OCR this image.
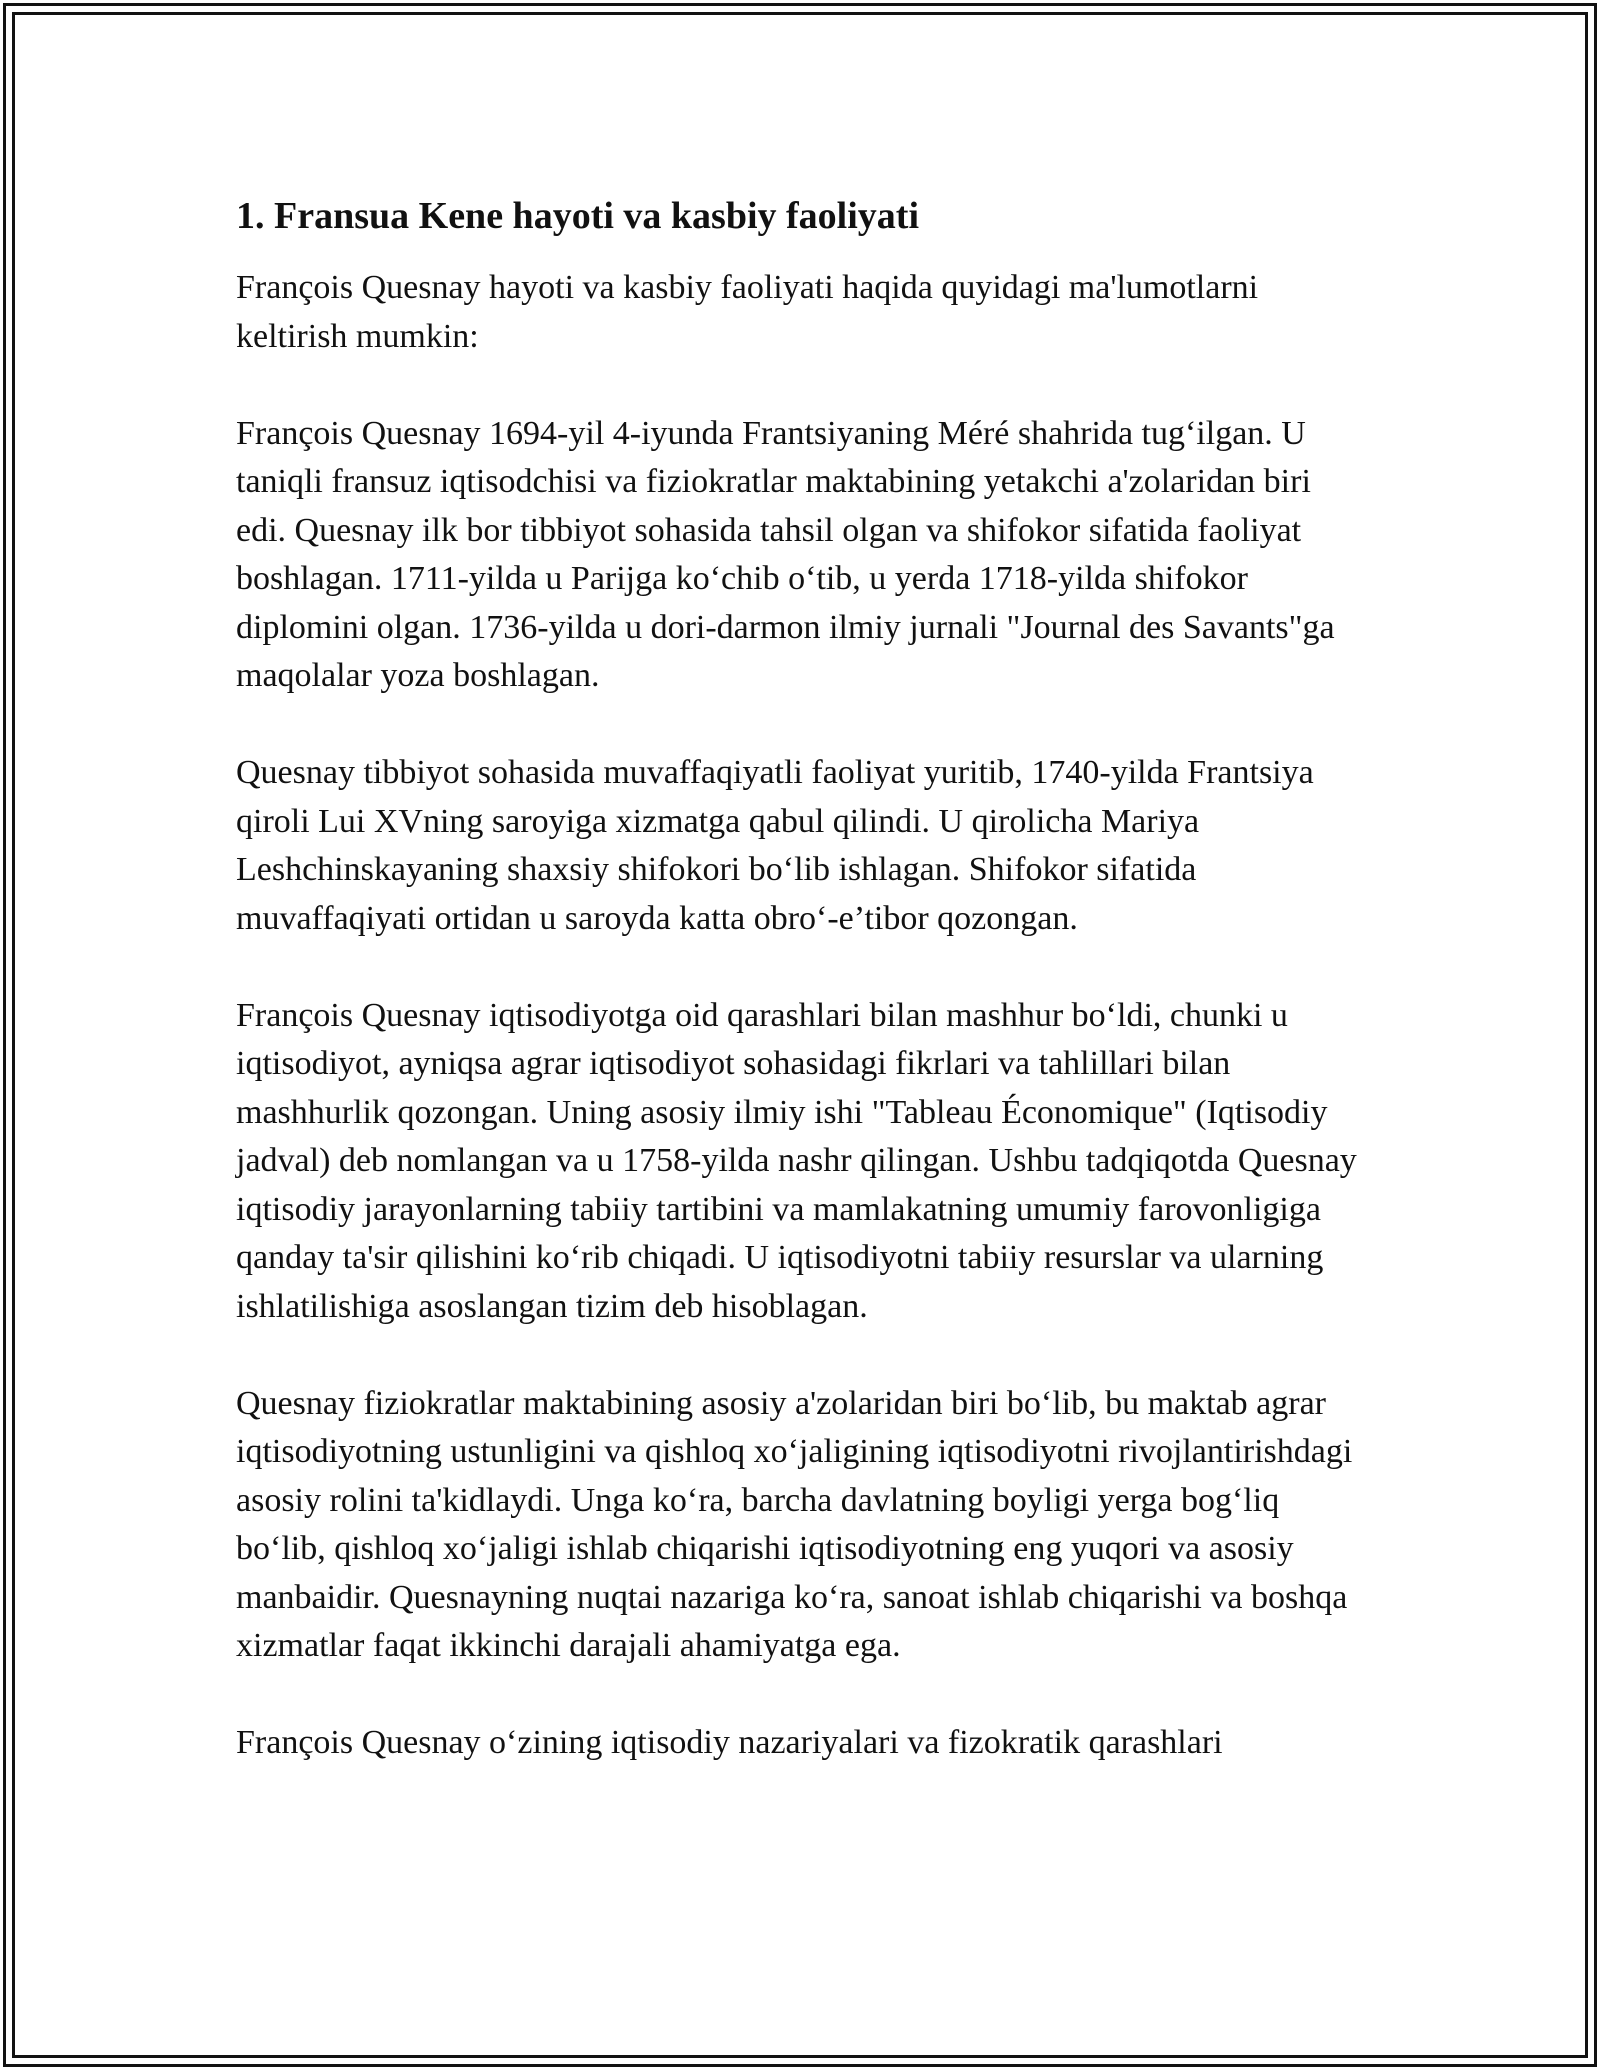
1. Fransua Kene hayoti va kasbiy faoliyati

François Quesnay hayoti va kasbiy faoliyati haqida quyidagi ma'lumotlarni keltirish mumkin:

François Quesnay 1694-yil 4-iyunda Frantsiyaning Méré shahrida tug‘ilgan. U taniqli fransuz iqtisodchisi va fiziokratlar maktabining yetakchi a'zolaridan biri edi. Quesnay ilk bor tibbiyot sohasida tahsil olgan va shifokor sifatida faoliyat boshlagan. 1711-yilda u Parijga ko‘chib o‘tib, u yerda 1718-yilda shifokor diplomini olgan. 1736-yilda u dori-darmon ilmiy jurnali "Journal des Savants"ga maqolalar yoza boshlagan.

Quesnay tibbiyot sohasida muvaffaqiyatli faoliyat yuritib, 1740-yilda Frantsiya qiroli Lui XVning saroyiga xizmatga qabul qilindi. U qirolicha Mariya Leshchinskayaning shaxsiy shifokori bo‘lib ishlagan. Shifokor sifatida muvaffaqiyati ortidan u saroyda katta obro‘-e’tibor qozongan.

François Quesnay iqtisodiyotga oid qarashlari bilan mashhur bo‘ldi, chunki u iqtisodiyot, ayniqsa agrar iqtisodiyot sohasidagi fikrlari va tahlillari bilan mashhurlik qozongan. Uning asosiy ilmiy ishi "Tableau Économique" (Iqtisodiy jadval) deb nomlangan va u 1758-yilda nashr qilingan. Ushbu tadqiqotda Quesnay iqtisodiy jarayonlarning tabiiy tartibini va mamlakatning umumiy farovonligiga qanday ta'sir qilishini ko‘rib chiqadi. U iqtisodiyotni tabiiy resurslar va ularning ishlatilishiga asoslangan tizim deb hisoblagan.

Quesnay fiziokratlar maktabining asosiy a'zolaridan biri bo‘lib, bu maktab agrar iqtisodiyotning ustunligini va qishloq xo‘jaligining iqtisodiyotni rivojlantirishdagi asosiy rolini ta'kidlaydi. Unga ko‘ra, barcha davlatning boyligi yerga bog‘liq bo‘lib, qishloq xo‘jaligi ishlab chiqarishi iqtisodiyotning eng yuqori va asosiy manbaidir. Quesnayning nuqtai nazariga ko‘ra, sanoat ishlab chiqarishi va boshqa xizmatlar faqat ikkinchi darajali ahamiyatga ega.

François Quesnay o‘zining iqtisodiy nazariyalari va fizokratik qarashlari
